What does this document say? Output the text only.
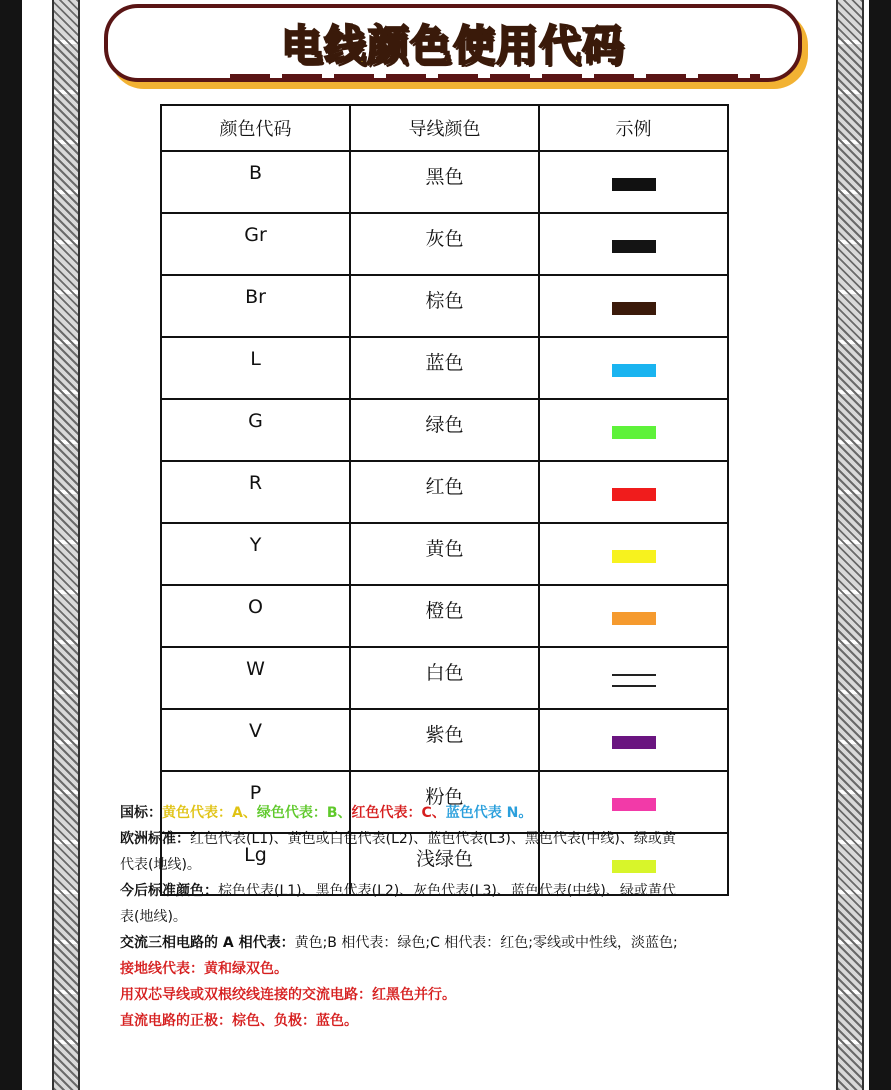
电线颜色使用代码
颜色代码	导线颜色	示例
B	黑色	
Gr	灰色	
Br	棕色	
L	蓝色	
G	绿色	
R	红色	
Y	黄色	
O	橙色	
W	白色	
V	紫色	
P	粉色	
Lg	浅绿色	

国标：黄色代表：A、绿色代表：B、红色代表：C、蓝色代表 N。

欧洲标准：红色代表(L1)、黄色或白色代表(L2)、蓝色代表(L3)、黑色代表(中线)、绿或黄

代表(地线)。

今后标准颜色：棕色代表(L1)、黑色代表(L2)、灰色代表(L3)、蓝色代表(中线)、绿或黄代

表(地线)。

交流三相电路的 A 相代表：黄色;B 相代表：绿色;C 相代表：红色;零线或中性线，淡蓝色;

接地线代表：黄和绿双色。

用双芯导线或双根绞线连接的交流电路：红黑色并行。

直流电路的正极：棕色、负极：蓝色。
